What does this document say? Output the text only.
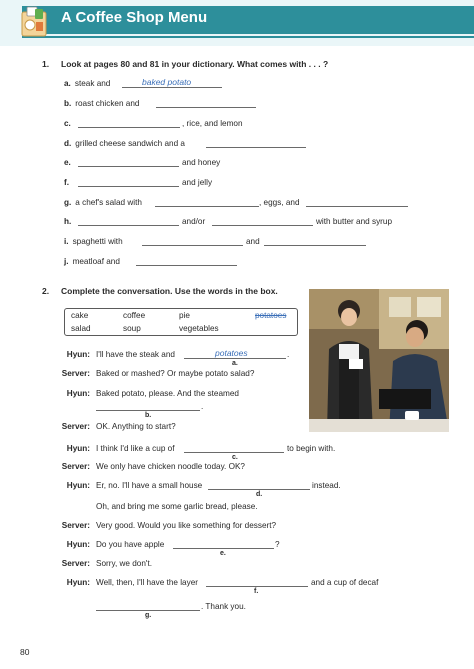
A Coffee Shop Menu
1. Look at pages 80 and 81 in your dictionary. What comes with . . . ?
a. steak and	baked potato
b. roast chicken and
c.	, rice, and lemon
d. grilled cheese sandwich and a
e.	and honey
f.	and jelly
g. a chef's salad with	, eggs, and
h.	and/or	with butter and syrup
i. spaghetti with	and
j. meatloaf and
2. Complete the conversation. Use the words in the box.
cake	coffee	pie	potatoes
salad	soup	vegetables
Hyun: I'll have the steak and	potatoes	.
a.
Server: Baked or mashed? Or maybe potato salad?
Hyun: Baked potato, please. And the steamed
.
b.
Server: OK. Anything to start?
Hyun: I think I'd like a cup of	to begin with.
c.
Server: We only have chicken noodle today. OK?
Hyun: Er, no. I'll have a small house	instead.
d.
Oh, and bring me some garlic bread, please.
Server: Very good. Would you like something for dessert?
Hyun: Do you have apple	?
e.
Server: Sorry, we don't.
Hyun: Well, then, I'll have the layer	and a cup of decaf
f.
. Thank you.
g.
80
